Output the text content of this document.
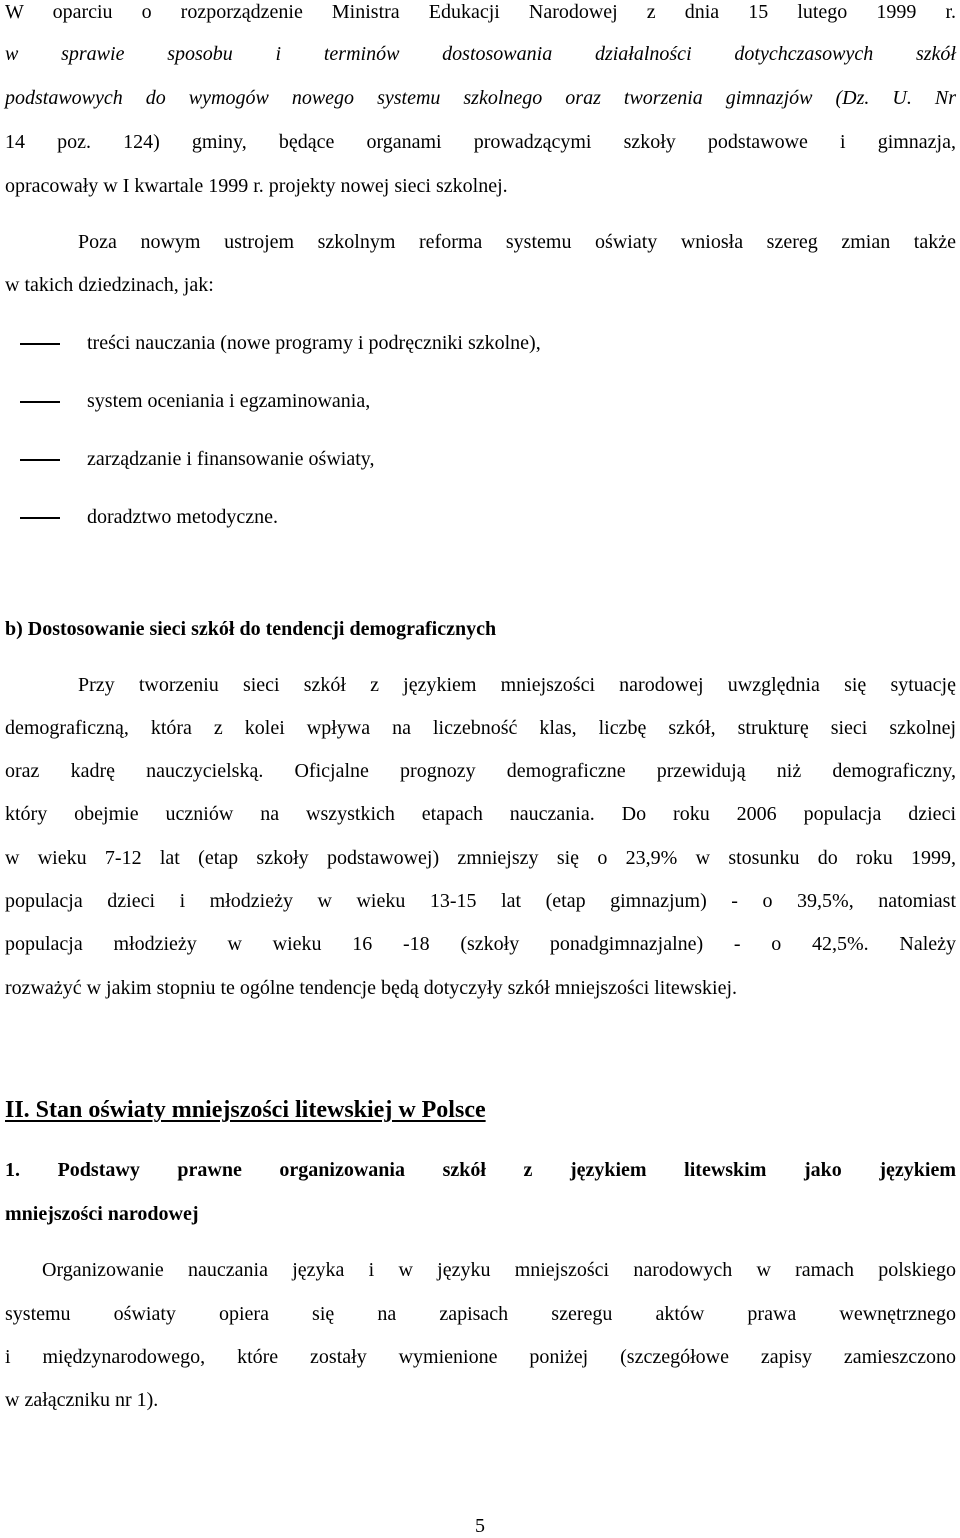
W oparciu o rozporządzenie Ministra Edukacji Narodowej z dnia 15 lutego 1999 r.
w sprawie sposobu i terminów dostosowania działalności dotychczasowych szkół
podstawowych do wymogów nowego systemu szkolnego oraz tworzenia gimnazjów (Dz. U. Nr
14 poz. 124) gminy, będące organami prowadzącymi szkoły podstawowe i gimnazja,
opracowały w I kwartale 1999 r. projekty nowej sieci szkolnej.
Poza nowym ustrojem szkolnym reforma systemu oświaty wniosła szereg zmian także
w takich dziedzinach, jak:
treści nauczania (nowe programy i podręczniki szkolne),
system oceniania i egzaminowania,
zarządzanie i finansowanie oświaty,
doradztwo metodyczne.
b) Dostosowanie sieci szkół do tendencji demograficznych
Przy tworzeniu sieci szkół z językiem mniejszości narodowej uwzględnia się sytuację
demograficzną, która z kolei wpływa na liczebność klas, liczbę szkół, strukturę sieci szkolnej
oraz kadrę nauczycielską. Oficjalne prognozy demograficzne przewidują niż demograficzny,
który obejmie uczniów na wszystkich etapach nauczania. Do roku 2006 populacja dzieci
w wieku 7-12 lat (etap szkoły podstawowej) zmniejszy się o 23,9% w stosunku do roku 1999,
populacja dzieci i młodzieży w wieku 13-15 lat (etap gimnazjum) - o 39,5%, natomiast
populacja młodzieży w wieku 16 -18 (szkoły ponadgimnazjalne) - o 42,5%. Należy
rozważyć w jakim stopniu te ogólne tendencje będą dotyczyły szkół mniejszości litewskiej.
II. Stan oświaty mniejszości litewskiej w Polsce
1. Podstawy prawne organizowania szkół z językiem litewskim jako językiem
mniejszości narodowej
Organizowanie nauczania języka i w języku mniejszości narodowych w ramach polskiego
systemu oświaty opiera się na zapisach szeregu aktów prawa wewnętrznego
i międzynarodowego, które zostały wymienione poniżej (szczegółowe zapisy zamieszczono
w załączniku nr 1).
5
